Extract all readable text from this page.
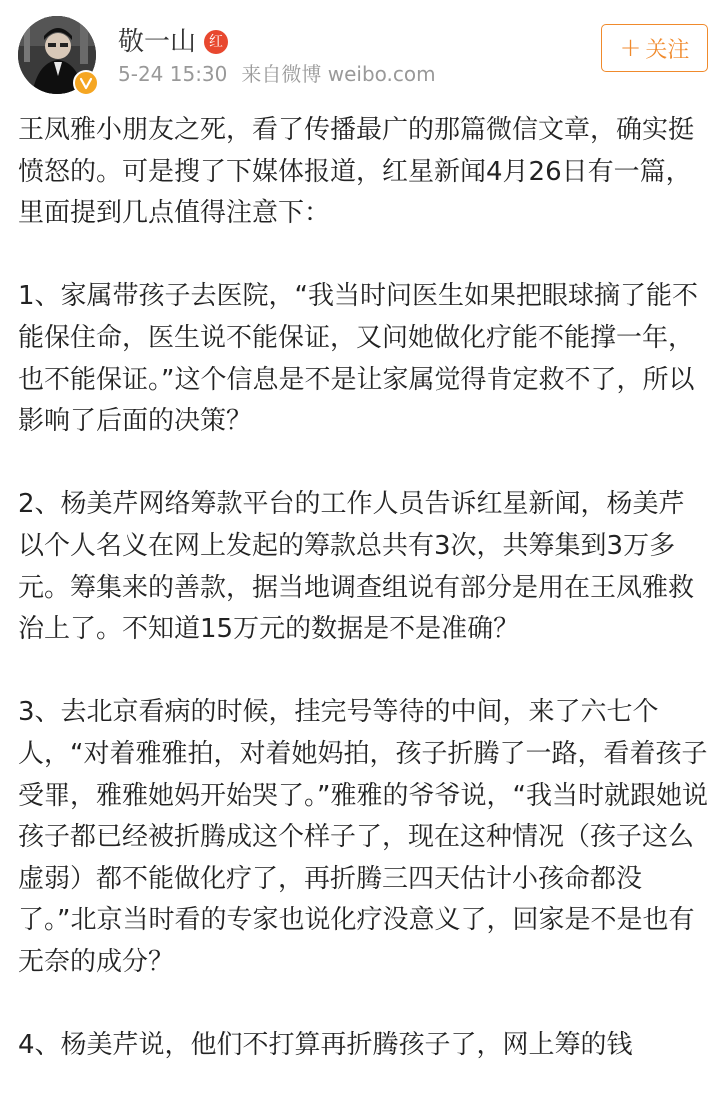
敬一山 红
5-24 15:30 来自微博 weibo.com
+ 关注

王凤雅小朋友之死，看了传播最广的那篇微信文章，确实挺愤怒的。可是搜了下媒体报道，红星新闻4月26日有一篇，里面提到几点值得注意下：

1、家属带孩子去医院，“我当时问医生如果把眼球摘了能不能保住命，医生说不能保证，又问她做化疗能不能撑一年，也不能保证。”这个信息是不是让家属觉得肯定救不了，所以影响了后面的决策？

2、杨美芹网络筹款平台的工作人员告诉红星新闻，杨美芹以个人名义在网上发起的筹款总共有3次，共筹集到3万多元。筹集来的善款，据当地调查组说有部分是用在王凤雅救治上了。不知道15万元的数据是不是准确？

3、去北京看病的时候，挂完号等待的中间，来了六七个人，“对着雅雅拍，对着她妈拍，孩子折腾了一路，看着孩子受罪，雅雅她妈开始哭了。”雅雅的爷爷说，“我当时就跟她说孩子都已经被折腾成这个样子了，现在这种情况（孩子这么虚弱）都不能做化疗了，再折腾三四天估计小孩命都没了。”北京当时看的专家也说化疗没意义了，回家是不是也有无奈的成分？

4、杨美芹说，他们不打算再折腾孩子了，网上筹的钱
